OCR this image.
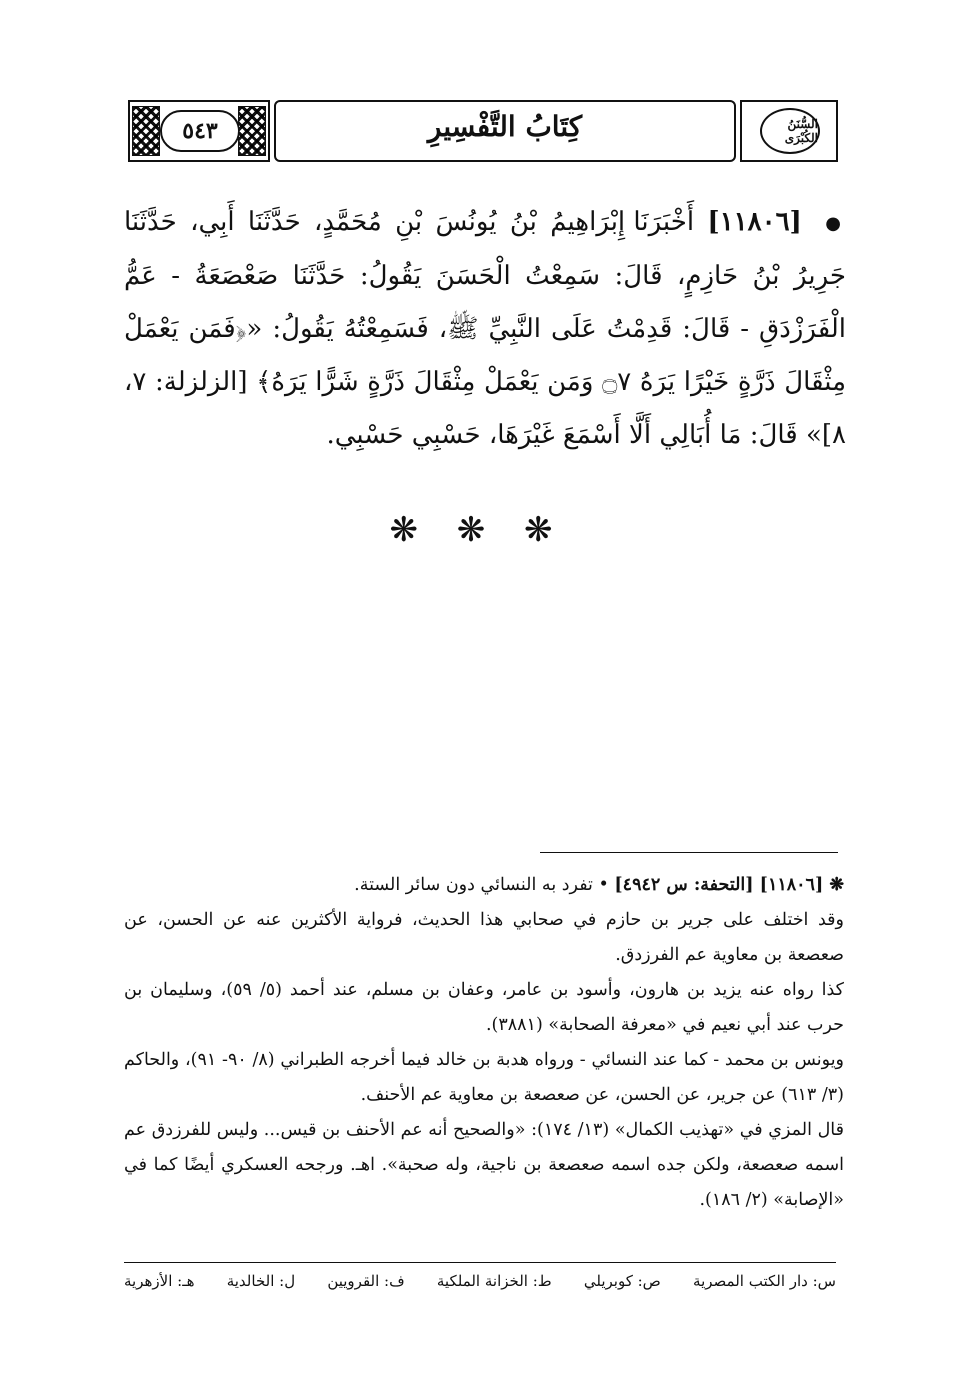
٥٤٣	كِتَابُ التَّفْسِيرِ	السُّنَنُ الكُبْرَى

● [١١٨٠٦] أَخْبَرَنَا إِبْرَاهِيمُ بْنُ يُونُسَ بْنِ مُحَمَّدٍ، حَدَّثَنَا أَبِي، حَدَّثَنَا جَرِيرُ بْنُ حَازِمٍ، قَالَ: سَمِعْتُ الْحَسَنَ يَقُولُ: حَدَّثَنَا صَعْصَعَةُ - عَمُّ الْفَرَزْدَقِ - قَالَ: قَدِمْتُ عَلَى النَّبِيِّ ﷺ، فَسَمِعْتُهُ يَقُولُ: «﴿فَمَن يَعْمَلْ مِثْقَالَ ذَرَّةٍ خَيْرًا يَرَهُ ۝٧ وَمَن يَعْمَلْ مِثْقَالَ ذَرَّةٍ شَرًّا يَرَهُ﴾ [الزلزلة: ٧، ٨]» قَالَ: مَا أُبَالِي أَلَّا أَسْمَعَ غَيْرَهَا، حَسْبِي حَسْبِي.

❋ ❋ ❋

❋ [١١٨٠٦] [التحفة: س ٤٩٤٢] • تفرد به النسائي دون سائر الستة.

وقد اختلف على جرير بن حازم في صحابي هذا الحديث، فرواية الأكثرين عنه عن الحسن، عن صعصعة بن معاوية عم الفرزدق.

كذا رواه عنه يزيد بن هارون، وأسود بن عامر، وعفان بن مسلم، عند أحمد (٥/ ٥٩)، وسليمان بن حرب عند أبي نعيم في «معرفة الصحابة» (٣٨٨١).

ويونس بن محمد - كما عند النسائي - ورواه هدبة بن خالد فيما أخرجه الطبراني (٨/ ٩٠- ٩١)، والحاكم (٣/ ٦١٣) عن جرير، عن الحسن، عن صعصعة بن معاوية عم الأحنف.

قال المزي في «تهذيب الكمال» (١٣/ ١٧٤): «والصحيح أنه عم الأحنف بن قيس... وليس للفرزدق عم اسمه صعصعة، ولكن جده اسمه صعصعة بن ناجية، وله صحبة». اهـ. ورجحه العسكري أيضًا كما في «الإصابة» (٢/ ١٨٦).

س: دار الكتب المصرية
ص: كوبريلي
ط: الخزانة الملكية
ف: القرويين
ل: الخالدية
هـ: الأزهرية
